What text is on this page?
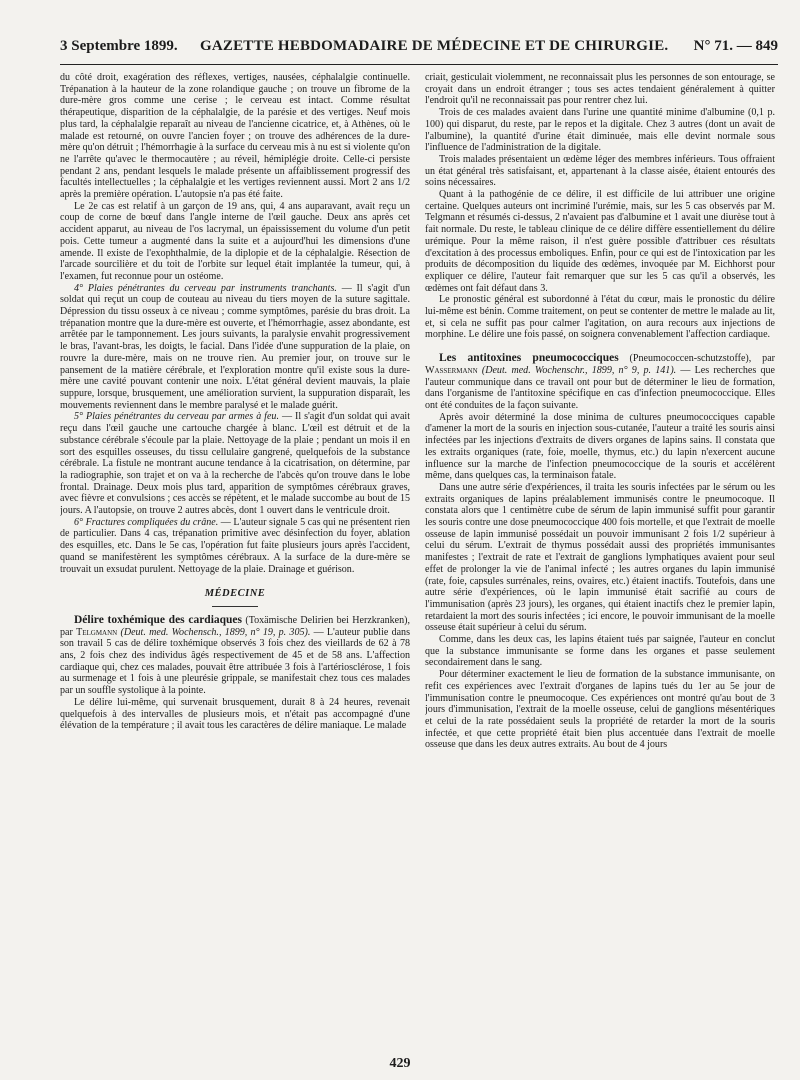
3 Septembre 1899. GAZETTE HEBDOMADAIRE DE MÉDECINE ET DE CHIRURGIE. N° 71. — 849

du côté droit, exagération des réflexes, vertiges, nausées, céphalalgie continuelle. Trépanation à la hauteur de la zone rolandique gauche ; on trouve un fibrome de la dure-mère gros comme une cerise ; le cerveau est intact. Comme résultat thérapeutique, disparition de la céphalalgie, de la parésie et des vertiges. Neuf mois plus tard, la céphalalgie reparaît au niveau de l'ancienne cicatrice, et, à Athènes, où le malade est retourné, on ouvre l'ancien foyer ; on trouve des adhérences de la dure-mère qu'on détruit ; l'hémorrhagie à la surface du cerveau mis à nu est si violente qu'on ne l'arrête qu'avec le thermocautère ; au réveil, hémiplégie droite. Celle-ci persiste pendant 2 ans, pendant lesquels le malade présente un affaiblissement progressif des facultés intellectuelles ; la céphalalgie et les vertiges reviennent aussi. Mort 2 ans 1/2 après la première opération. L'autopsie n'a pas été faite.

Le 2e cas est relatif à un garçon de 19 ans, qui, 4 ans auparavant, avait reçu un coup de corne de bœuf dans l'angle interne de l'œil gauche. Deux ans après cet accident apparut, au niveau de l'os lacrymal, un épaississement du volume d'un petit pois. Cette tumeur a augmenté dans la suite et a aujourd'hui les dimensions d'une amende. Il existe de l'exophthalmie, de la diplopie et de la céphalalgie. Résection de l'arcade sourcilière et du toit de l'orbite sur lequel était implantée la tumeur, qui, à l'examen, fut reconnue pour un ostéome.

4° Plaies pénétrantes du cerveau par instruments tranchants. — Il s'agit d'un soldat qui reçut un coup de couteau au niveau du tiers moyen de la suture sagittale. Dépression du tissu osseux à ce niveau ; comme symptômes, parésie du bras droit. La trépanation montre que la dure-mère est ouverte, et l'hémorrhagie, assez abondante, est arrêtée par le tamponnement. Les jours suivants, la paralysie envahit progressivement le bras, l'avant-bras, les doigts, le facial. Dans l'idée d'une suppuration de la plaie, on rouvre la dure-mère, mais on ne trouve rien. Au premier jour, on trouve sur le pansement de la matière cérébrale, et l'exploration montre qu'il existe sous la dure-mère une cavité pouvant contenir une noix. L'état général devient mauvais, la plaie suppure, lorsque, brusquement, une amélioration survient, la suppuration disparaît, les mouvements reviennent dans le membre paralysé et le malade guérit.

5° Plaies pénétrantes du cerveau par armes à feu. — Il s'agit d'un soldat qui avait reçu dans l'œil gauche une cartouche chargée à blanc. L'œil est détruit et de la substance cérébrale s'écoule par la plaie. Nettoyage de la plaie ; pendant un mois il en sort des esquilles osseuses, du tissu cellulaire gangrené, quelquefois de la substance cérébrale. La fistule ne montrant aucune tendance à la cicatrisation, on détermine, par la radiographie, son trajet et on va à la recherche de l'abcès qu'on trouve dans le lobe frontal. Drainage. Deux mois plus tard, apparition de symptômes cérébraux graves, avec fièvre et convulsions ; ces accès se répètent, et le malade succombe au bout de 15 jours. A l'autopsie, on trouve 2 autres abcès, dont 1 ouvert dans le ventricule droit.

6° Fractures compliquées du crâne. — L'auteur signale 5 cas qui ne présentent rien de particulier. Dans 4 cas, trépanation primitive avec désinfection du foyer, ablation des esquilles, etc. Dans le 5e cas, l'opération fut faite plusieurs jours après l'accident, quand se manifestèrent les symptômes cérébraux. A la surface de la dure-mère se trouvait un exsudat purulent. Nettoyage de la plaie. Drainage et guérison.

MÉDECINE

Délire toxhémique des cardiaques (Toxämische Delirien bei Herzkranken), par Telgmann (Deut. med. Wochensch., 1899, n° 19, p. 305). — L'auteur publie dans son travail 5 cas de délire toxhémique observés 3 fois chez des vieillards de 62 à 78 ans, 2 fois chez des individus âgés respectivement de 45 et de 58 ans. L'affection cardiaque qui, chez ces malades, pouvait être attribuée 3 fois à l'artériosclérose, 1 fois au surmenage et 1 fois à une pleurésie grippale, se manifestait chez tous ces malades par un souffle systolique à la pointe.

Le délire lui-même, qui survenait brusquement, durait 8 à 24 heures, revenait quelquefois à des intervalles de plusieurs mois, et n'était pas accompagné d'une élévation de la température ; il avait tous les caractères de délire maniaque. Le malade

criait, gesticulait violemment, ne reconnaissait plus les personnes de son entourage, se croyait dans un endroit étranger ; tous ses actes tendaient généralement à quitter l'endroit qu'il ne reconnaissait pas pour rentrer chez lui.

Trois de ces malades avaient dans l'urine une quantité minime d'albumine (0,1 p. 100) qui disparut, du reste, par le repos et la digitale. Chez 3 autres (dont un avait de l'albumine), la quantité d'urine était diminuée, mais elle devint normale sous l'influence de l'administration de la digitale.

Trois malades présentaient un œdème léger des membres inférieurs. Tous offraient un état général très satisfaisant, et, appartenant à la classe aisée, étaient entourés des soins nécessaires.

Quant à la pathogénie de ce délire, il est difficile de lui attribuer une origine certaine. Quelques auteurs ont incriminé l'urémie, mais, sur les 5 cas observés par M. Telgmann et résumés ci-dessus, 2 n'avaient pas d'albumine et 1 avait une diurèse tout à fait normale. Du reste, le tableau clinique de ce délire diffère essentiellement du délire urémique. Pour la même raison, il n'est guère possible d'attribuer ces résultats d'excitation à des processus emboliques. Enfin, pour ce qui est de l'intoxication par les produits de décomposition du liquide des œdèmes, invoquée par M. Eichhorst pour expliquer ce délire, l'auteur fait remarquer que sur les 5 cas qu'il a observés, les œdèmes ont fait défaut dans 3.

Le pronostic général est subordonné à l'état du cœur, mais le pronostic du délire lui-même est bénin. Comme traitement, on peut se contenter de mettre le malade au lit, et, si cela ne suffit pas pour calmer l'agitation, on aura recours aux injections de morphine. Le délire une fois passé, on soignera convenablement l'affection cardiaque.

Les antitoxines pneumococciques (Pneumococcen-schutzstoffe), par Wassermann (Deut. med. Wochenschr., 1899, n° 9, p. 141). — Les recherches que l'auteur communique dans ce travail ont pour but de déterminer le lieu de formation, dans l'organisme de l'antitoxine spécifique en cas d'infection pneumococcique. Elles ont été conduites de la façon suivante.

Après avoir déterminé la dose minima de cultures pneumococciques capable d'amener la mort de la souris en injection sous-cutanée, l'auteur a traité les souris ainsi infectées par les injections d'extraits de divers organes de lapins sains. Il constata que les extraits organiques (rate, foie, moelle, thymus, etc.) du lapin n'exercent aucune influence sur la marche de l'infection pneumococcique de la souris et accélèrent même, dans quelques cas, la terminaison fatale.

Dans une autre série d'expériences, il traita les souris infectées par le sérum ou les extraits organiques de lapins préalablement immunisés contre le pneumocoque. Il constata alors que 1 centimètre cube de sérum de lapin immunisé suffit pour garantir les souris contre une dose pneumococcique 400 fois mortelle, et que l'extrait de moelle osseuse de lapin immunisé possédait un pouvoir immunisant 2 fois 1/2 supérieur à celui du sérum. L'extrait de thymus possédait aussi des propriétés immunisantes manifestes ; l'extrait de rate et l'extrait de ganglions lymphatiques avaient pour seul effet de prolonger la vie de l'animal infecté ; les autres organes du lapin immunisé (rate, foie, capsules surrénales, reins, ovaires, etc.) étaient inactifs. Toutefois, dans une autre série d'expériences, où le lapin immunisé était sacrifié au cours de l'immunisation (après 23 jours), les organes, qui étaient inactifs chez le premier lapin, retardaient la mort des souris infectées ; ici encore, le pouvoir immunisant de la moelle osseuse était supérieur à celui du sérum.

Comme, dans les deux cas, les lapins étaient tués par saignée, l'auteur en conclut que la substance immunisante se forme dans les organes et passe seulement secondairement dans le sang.

Pour déterminer exactement le lieu de formation de la substance immunisante, on refit ces expériences avec l'extrait d'organes de lapins tués du 1er au 5e jour de l'immunisation contre le pneumocoque. Ces expériences ont montré qu'au bout de 3 jours d'immunisation, l'extrait de la moelle osseuse, celui de ganglions mésentériques et celui de la rate possédaient seuls la propriété de retarder la mort de la souris infectée, et que cette propriété était bien plus accentuée dans l'extrait de moelle osseuse que dans les deux autres extraits. Au bout de 4 jours

429
